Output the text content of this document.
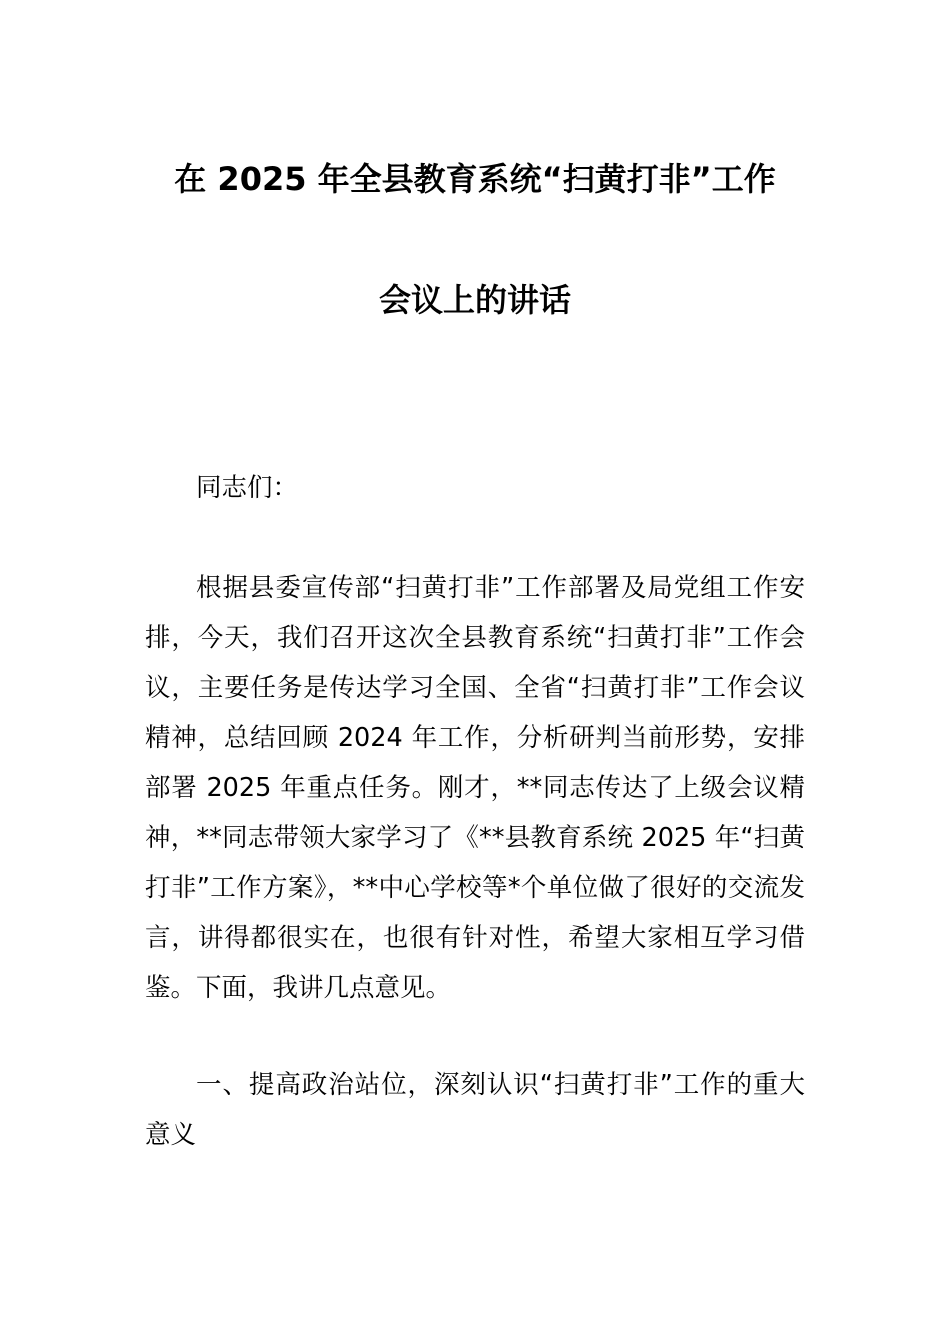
在 2025 年全县教育系统“扫黄打非”工作
会议上的讲话

同志们：

根据县委宣传部“扫黄打非”工作部署及局党组工作安排，今天，我们召开这次全县教育系统“扫黄打非”工作会议，主要任务是传达学习全国、全省“扫黄打非”工作会议精神，总结回顾 2024 年工作，分析研判当前形势，安排部署 2025 年重点任务。刚才，**同志传达了上级会议精神，**同志带领大家学习了《**县教育系统 2025 年“扫黄打非”工作方案》，**中心学校等*个单位做了很好的交流发言，讲得都很实在，也很有针对性，希望大家相互学习借鉴。下面，我讲几点意见。

一、提高政治站位，深刻认识“扫黄打非”工作的重大意义
